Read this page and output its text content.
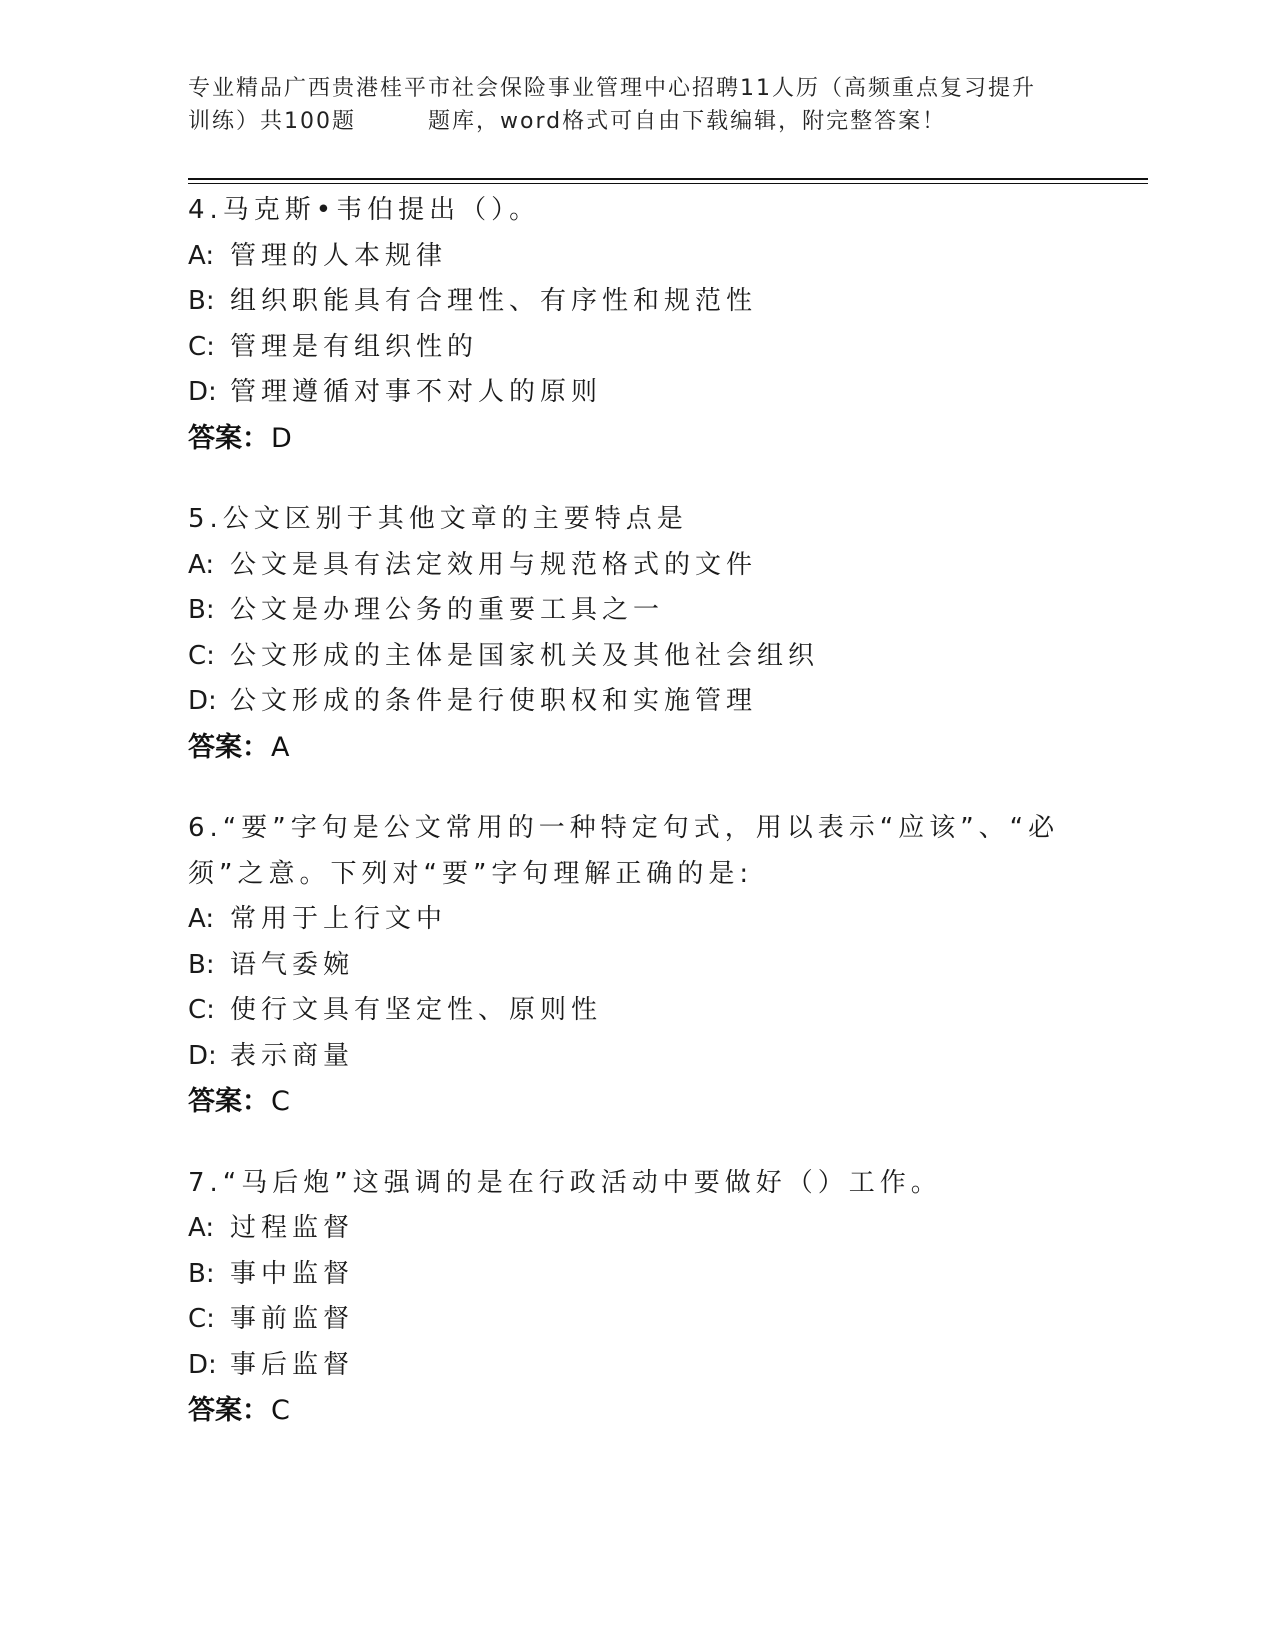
专业精品广西贵港桂平市社会保险事业管理中心招聘11人历（高频重点复习提升
训练）共100题	题库，word格式可自由下载编辑，附完整答案！
4.马克斯•韦伯提出（）。
A: 管理的人本规律
B: 组织职能具有合理性、有序性和规范性
C: 管理是有组织性的
D: 管理遵循对事不对人的原则
答案：D
5.公文区别于其他文章的主要特点是
A: 公文是具有法定效用与规范格式的文件
B: 公文是办理公务的重要工具之一
C: 公文形成的主体是国家机关及其他社会组织
D: 公文形成的条件是行使职权和实施管理
答案：A
6.“要”字句是公文常用的一种特定句式，用以表示“应该”、“必须”之意。下列对“要”字句理解正确的是:
A: 常用于上行文中
B: 语气委婉
C: 使行文具有坚定性、原则性
D: 表示商量
答案：C
7.“马后炮”这强调的是在行政活动中要做好（）工作。
A: 过程监督
B: 事中监督
C: 事前监督
D: 事后监督
答案：C
